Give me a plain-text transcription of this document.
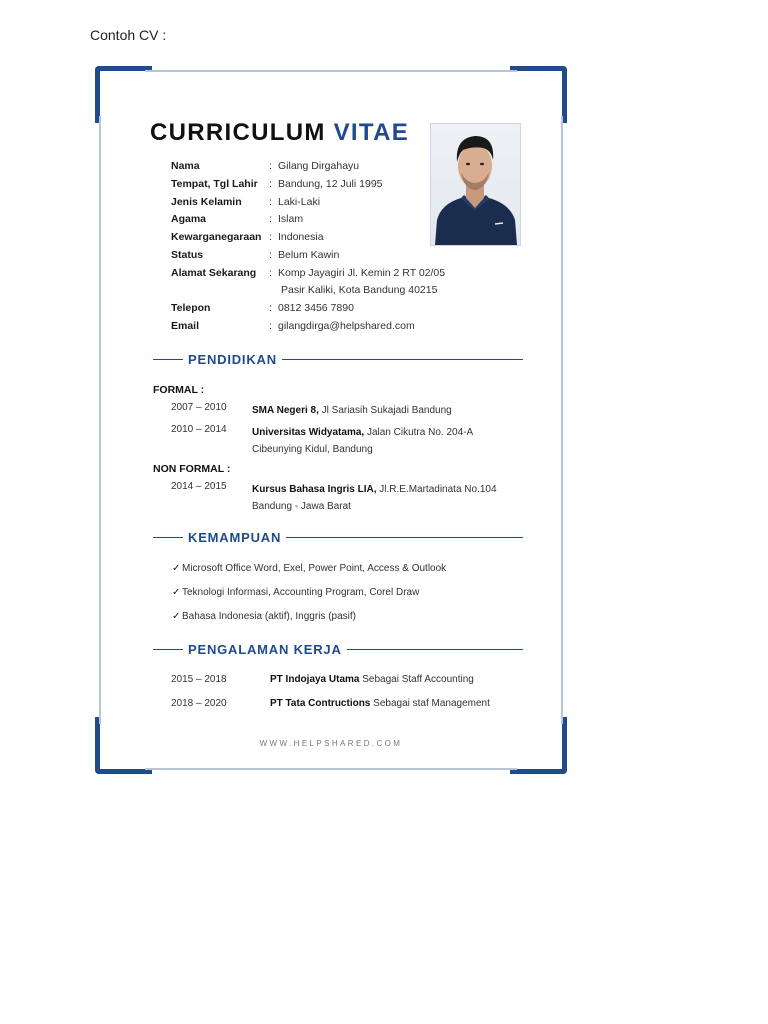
Contoh CV :
CURRICULUM VITAE
Nama	: Gilang Dirgahayu
Tempat, Tgl Lahir	: Bandung, 12 Juli 1995
Jenis Kelamin	: Laki-Laki
Agama	: Islam
Kewarganegaraan : Indonesia
Status	: Belum Kawin
Alamat Sekarang	: Komp Jayagiri Jl. Kemin 2 RT 02/05
Pasir Kaliki, Kota Bandung 40215
Telepon	: 0812 3456 7890
Email	: gilangdirga@helpshared.com
PENDIDIKAN
FORMAL :
2007 – 2010	SMA Negeri 8, Jl Sariasih Sukajadi Bandung
2010 – 2014	Universitas Widyatama, Jalan Cikutra No. 204-A
Cibeunying Kidul, Bandung
NON FORMAL :
2014 – 2015	Kursus Bahasa Ingris LIA, Jl.R.E.Martadinata No.104
Bandung - Jawa Barat
KEMAMPUAN
✓ Microsoft Office Word, Exel, Power Point, Access & Outlook
✓ Teknologi Informasi, Accounting Program, Corel Draw
✓ Bahasa Indonesia (aktif), Inggris (pasif)
PENGALAMAN KERJA
2015 – 2018	PT Indojaya Utama Sebagai Staff Accounting
2018 – 2020	PT Tata Contructions Sebagai staf Management
WWW.HELPSHARED.COM
